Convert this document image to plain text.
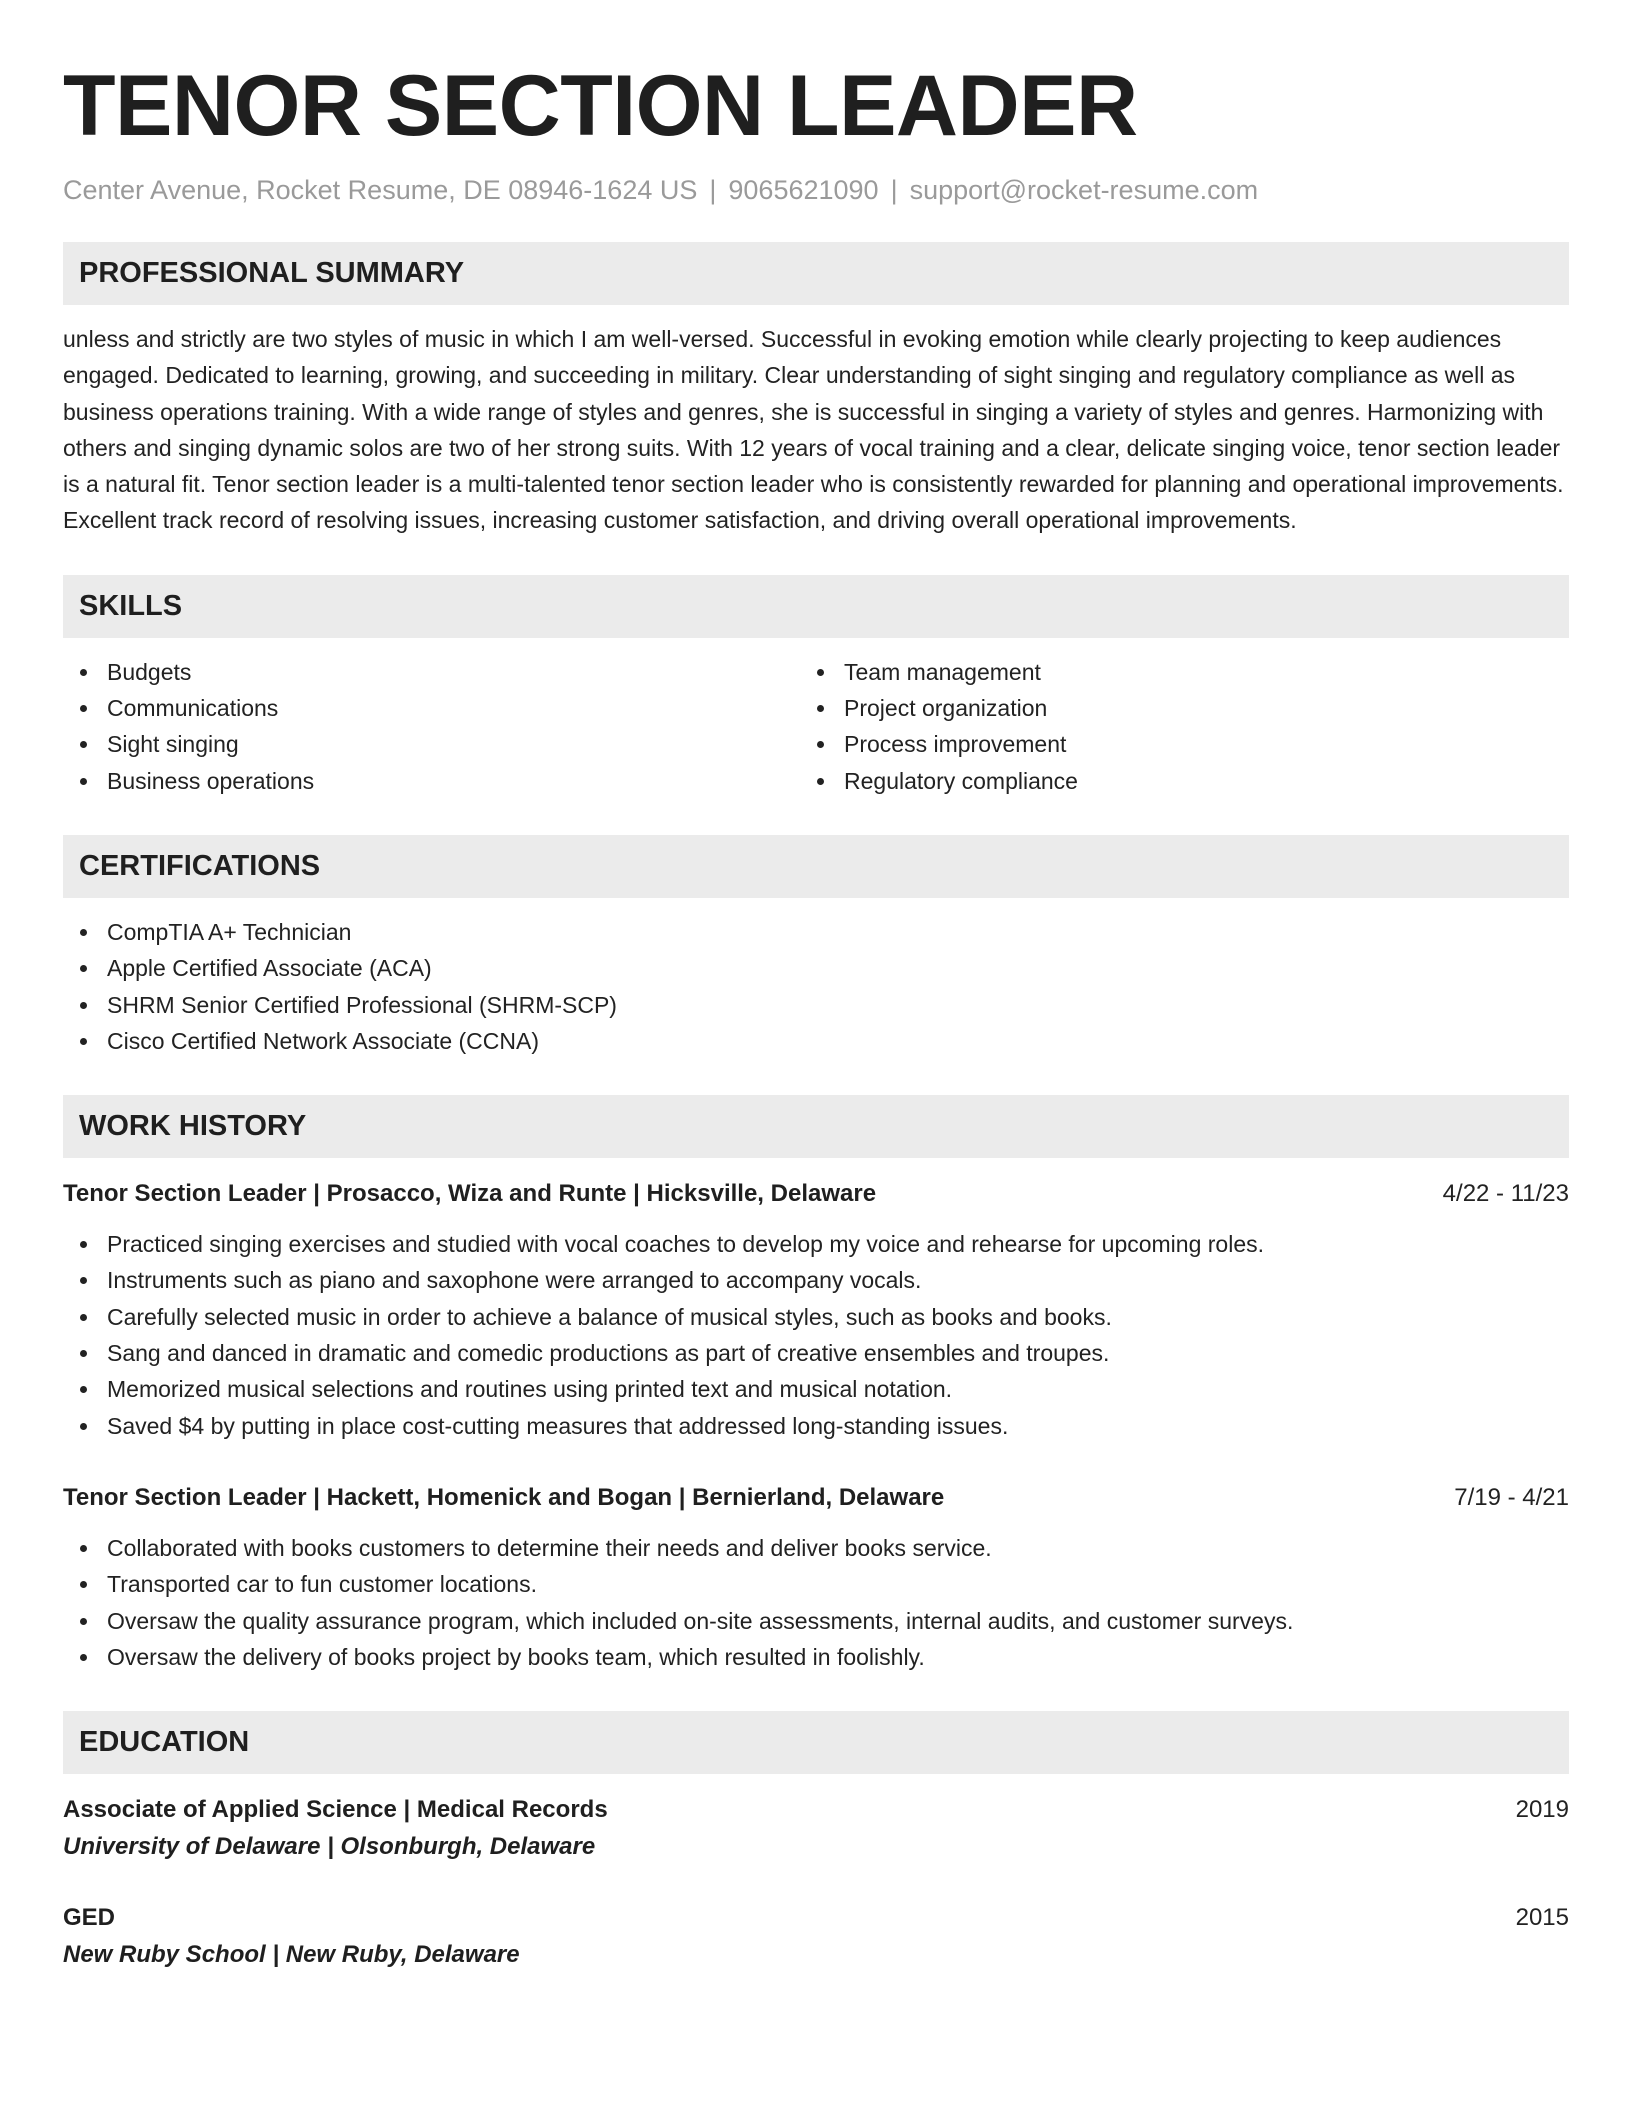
TENOR SECTION LEADER
Center Avenue, Rocket Resume, DE 08946-1624 US | 9065621090 | support@rocket-resume.com
PROFESSIONAL SUMMARY
unless and strictly are two styles of music in which I am well-versed. Successful in evoking emotion while clearly projecting to keep audiences engaged. Dedicated to learning, growing, and succeeding in military. Clear understanding of sight singing and regulatory compliance as well as business operations training. With a wide range of styles and genres, she is successful in singing a variety of styles and genres. Harmonizing with others and singing dynamic solos are two of her strong suits. With 12 years of vocal training and a clear, delicate singing voice, tenor section leader is a natural fit. Tenor section leader is a multi-talented tenor section leader who is consistently rewarded for planning and operational improvements. Excellent track record of resolving issues, increasing customer satisfaction, and driving overall operational improvements.
SKILLS
Budgets
Communications
Sight singing
Business operations
Team management
Project organization
Process improvement
Regulatory compliance
CERTIFICATIONS
CompTIA A+ Technician
Apple Certified Associate (ACA)
SHRM Senior Certified Professional (SHRM-SCP)
Cisco Certified Network Associate (CCNA)
WORK HISTORY
Tenor Section Leader | Prosacco, Wiza and Runte | Hicksville, Delaware	4/22 - 11/23
Practiced singing exercises and studied with vocal coaches to develop my voice and rehearse for upcoming roles.
Instruments such as piano and saxophone were arranged to accompany vocals.
Carefully selected music in order to achieve a balance of musical styles, such as books and books.
Sang and danced in dramatic and comedic productions as part of creative ensembles and troupes.
Memorized musical selections and routines using printed text and musical notation.
Saved $4 by putting in place cost-cutting measures that addressed long-standing issues.
Tenor Section Leader | Hackett, Homenick and Bogan | Bernierland, Delaware	7/19 - 4/21
Collaborated with books customers to determine their needs and deliver books service.
Transported car to fun customer locations.
Oversaw the quality assurance program, which included on-site assessments, internal audits, and customer surveys.
Oversaw the delivery of books project by books team, which resulted in foolishly.
EDUCATION
Associate of Applied Science | Medical Records	2019
University of Delaware | Olsonburgh, Delaware
GED	2015
New Ruby School | New Ruby, Delaware
